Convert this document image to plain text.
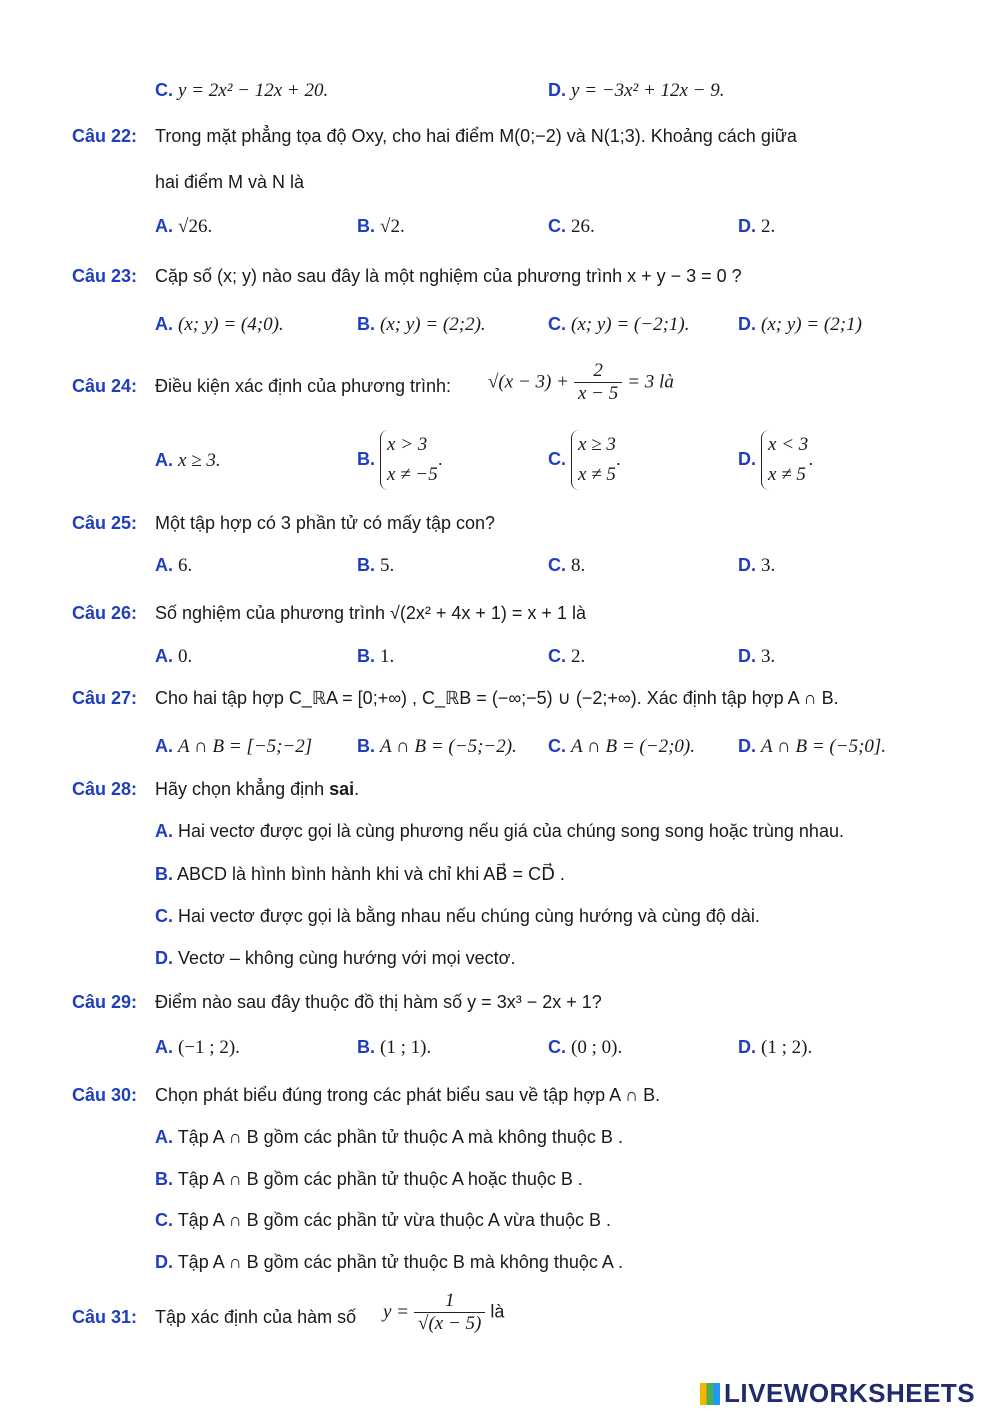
C. y = 2x² − 12x + 20.	D. y = −3x² + 12x − 9.
Câu 22: Trong mặt phẳng tọa độ Oxy, cho hai điểm M(0;−2) và N(1;3). Khoảng cách giữa
hai điểm M và N là
A. √26.	B. √2.	C. 26.	D. 2.
Câu 23: Cặp số (x; y) nào sau đây là một nghiệm của phương trình x + y − 3 = 0 ?
A. (x; y) = (4;0).	B. (x; y) = (2;2).	C. (x; y) = (−2;1).	D. (x; y) = (2;1)
Câu 24: Điều kiện xác định của phương trình: $√(x - 3) + \frac{2}{x - 5} = 3$ là
A. x ≥ 3.	B.
x > 3
x ≠ −5
.	C.
x ≥ 3
x ≠ 5
.	D.
x < 3
x ≠ 5
.
Câu 25: Một tập hợp có 3 phần tử có mấy tập con?
A. 6.	B. 5.	C. 8.	D. 3.
Câu 26: Số nghiệm của phương trình √(2x² + 4x + 1) = x + 1 là
A. 0.	B. 1.	C. 2.	D. 3.
Câu 27: Cho hai tập hợp C_ℝA = [0;+∞) , C_ℝB = (−∞;−5) ∪ (−2;+∞). Xác định tập hợp A ∩ B.
A. A ∩ B = [−5;−2] B. A ∩ B = (−5;−2). C. A ∩ B = (−2;0). D. A ∩ B = (−5;0].
Câu 28: Hãy chọn khẳng định sai.
A. Hai vectơ được gọi là cùng phương nếu giá của chúng song song hoặc trùng nhau.
B. ABCD là hình bình hành khi và chỉ khi AB⃗ = CD⃗ .
C. Hai vectơ được gọi là bằng nhau nếu chúng cùng hướng và cùng độ dài.
D. Vectơ – không cùng hướng với mọi vectơ.
Câu 29: Điểm nào sau đây thuộc đồ thị hàm số y = 3x³ − 2x + 1?
A. (−1 ; 2).	B. (1 ; 1).	C. (0 ; 0).	D. (1 ; 2).
Câu 30: Chọn phát biểu đúng trong các phát biểu sau về tập hợp A ∩ B.
A. Tập A ∩ B gồm các phần tử thuộc A mà không thuộc B .
B. Tập A ∩ B gồm các phần tử thuộc A hoặc thuộc B .
C. Tập A ∩ B gồm các phần tử vừa thuộc A vừa thuộc B .
D. Tập A ∩ B gồm các phần tử thuộc B mà không thuộc A .
Câu 31: Tập xác định của hàm số $y = \frac{1}{√(x - 5)}$ là
LIVEWORKSHEETS
